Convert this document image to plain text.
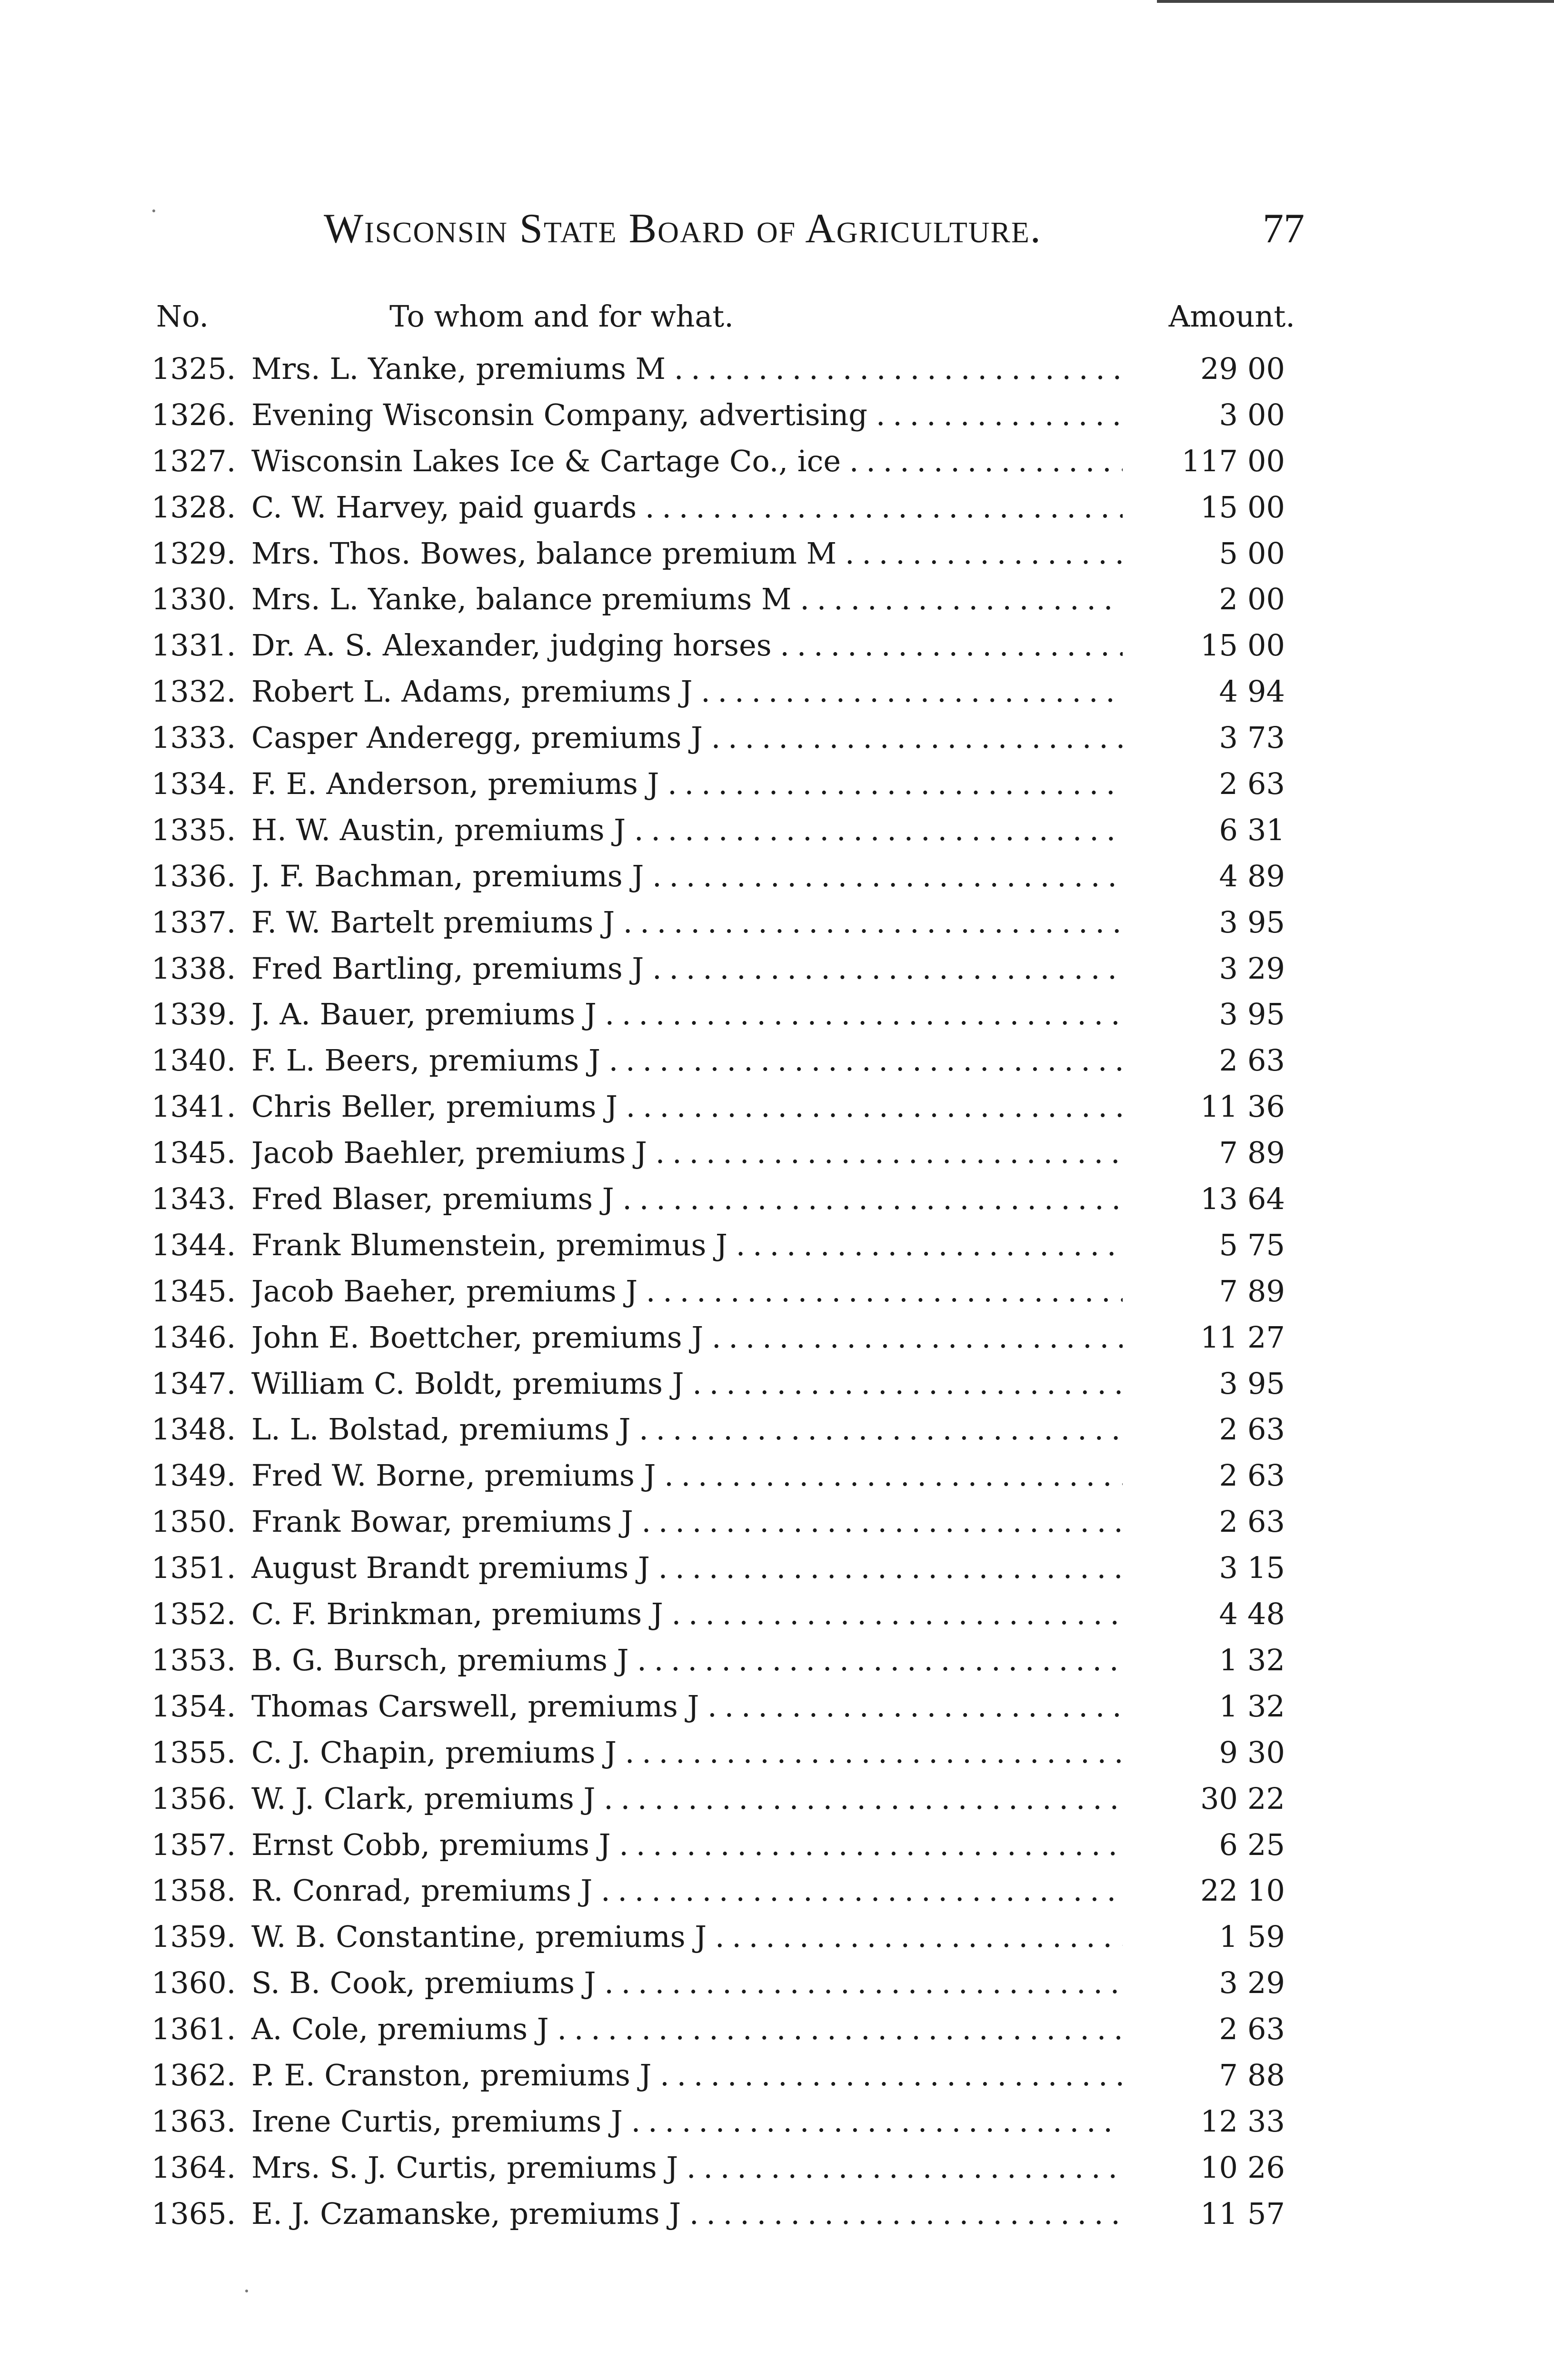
Wisconsin State Board of Agriculture.	77
No.	To whom and for what.	Amount.
1325. Mrs. L. Yanke, premiums M . . .	29 00
1326. Evening Wisconsin Company, advertising . . .	3 00
1327. Wisconsin Lakes Ice & Cartage Co., ice . . .	117 00
1328. C. W. Harvey, paid guards . . .	15 00
1329. Mrs. Thos. Bowes, balance premium M . . .	5 00
1330. Mrs. L. Yanke, balance premiums M . . .	2 00
1331. Dr. A. S. Alexander, judging horses . . .	15 00
1332. Robert L. Adams, premiums J . . .	4 94
1333. Casper Anderegg, premiums J . . .	3 73
1334. F. E. Anderson, premiums J . . .	2 63
1335. H. W. Austin, premiums J . . .	6 31
1336. J. F. Bachman, premiums J . . .	4 89
1337. F. W. Bartelt premiums J . . .	3 95
1338. Fred Bartling, premiums J . . .	3 29
1339. J. A. Bauer, premiums J . . .	3 95
1340. F. L. Beers, premiums J . . .	2 63
1341. Chris Beller, premiums J . . .	11 36
1345. Jacob Baehler, premiums J . . .	7 89
1343. Fred Blaser, premiums J . . .	13 64
1344. Frank Blumenstein, premimus J . . .	5 75
1345. Jacob Baeher, premiums J . . .	7 89
1346. John E. Boettcher, premiums J . . .	11 27
1347. William C. Boldt, premiums J . . .	3 95
1348. L. L. Bolstad, premiums J . . .	2 63
1349. Fred W. Borne, premiums J . . .	2 63
1350. Frank Bowar, premiums J . . .	2 63
1351. August Brandt premiums J . . .	3 15
1352. C. F. Brinkman, premiums J . . .	4 48
1353. B. G. Bursch, premiums J . . .	1 32
1354. Thomas Carswell, premiums J . . .	1 32
1355. C. J. Chapin, premiums J . . .	9 30
1356. W. J. Clark, premiums J . . .	30 22
1357. Ernst Cobb, premiums J . . .	6 25
1358. R. Conrad, premiums J . . .	22 10
1359. W. B. Constantine, premiums J . . .	1 59
1360. S. B. Cook, premiums J . . .	3 29
1361. A. Cole, premiums J . . .	2 63
1362. P. E. Cranston, premiums J . . .	7 88
1363. Irene Curtis, premiums J . . .	12 33
1364. Mrs. S. J. Curtis, premiums J . . .	10 26
1365. E. J. Czamanske, premiums J . . .	11 57
